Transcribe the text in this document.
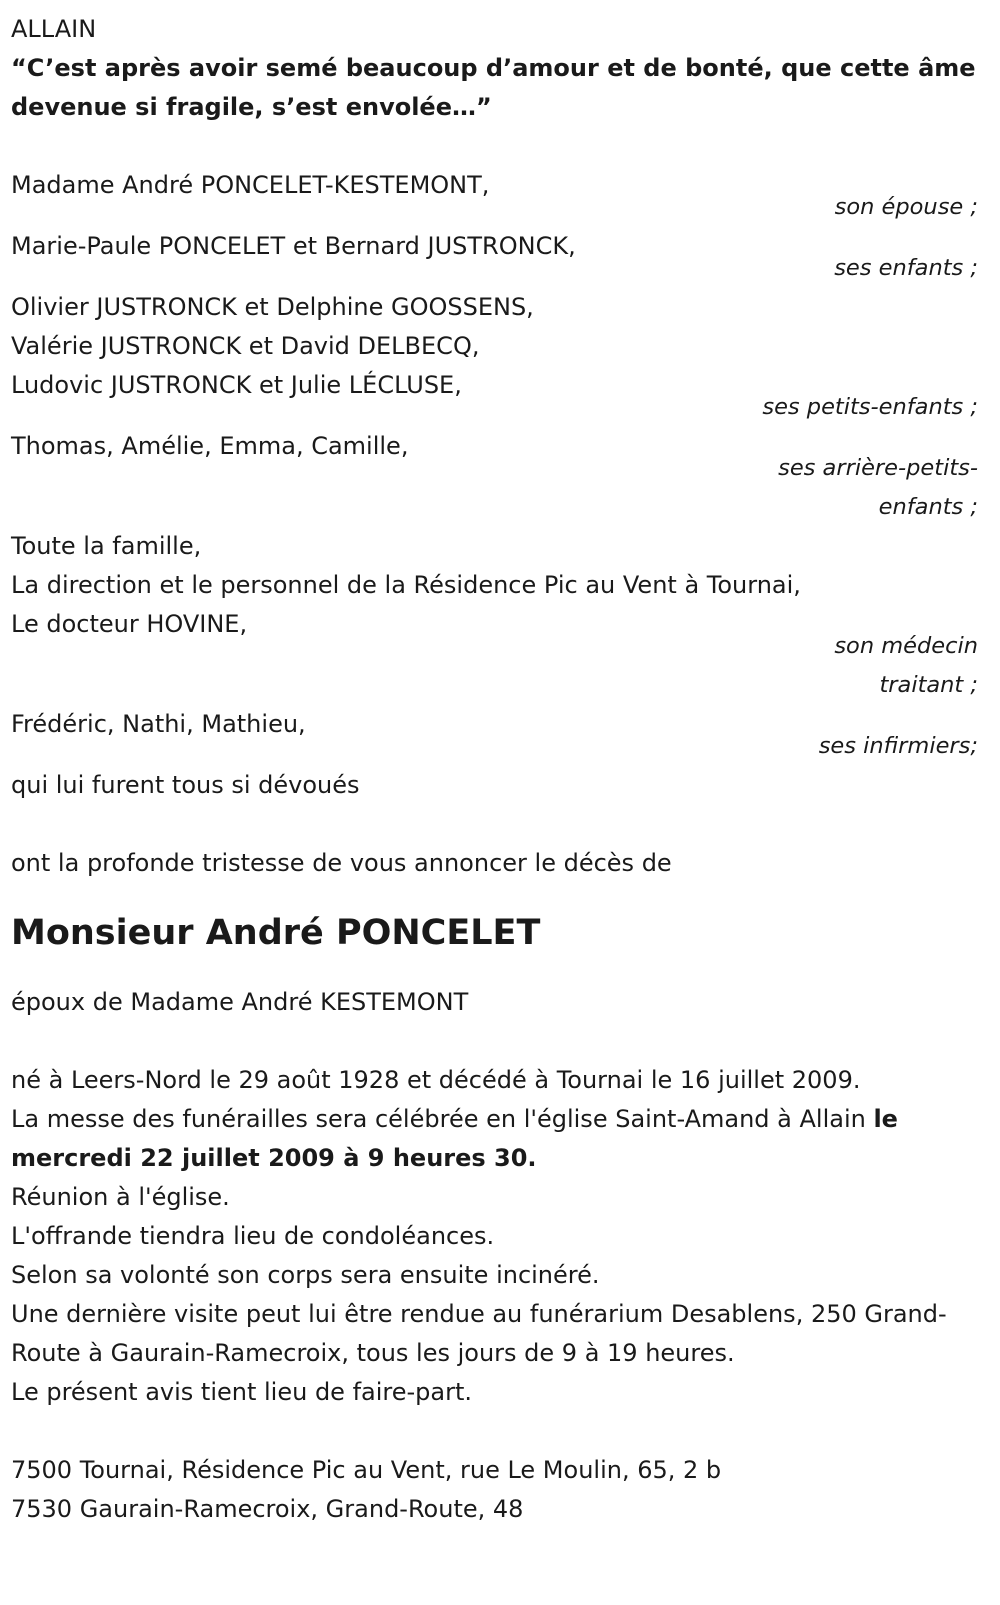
ALLAIN
“C’est après avoir semé beaucoup d’amour et de bonté, que cette âme devenue si fragile, s’est envolée…”
Madame André PONCELET-KESTEMONT,
son épouse ;
Marie-Paule PONCELET et Bernard JUSTRONCK,
ses enfants ;
Olivier JUSTRONCK et Delphine GOOSSENS,
Valérie JUSTRONCK et David DELBECQ,
Ludovic JUSTRONCK et Julie LÉCLUSE,
ses petits-enfants ;
Thomas, Amélie, Emma, Camille,
ses arrière-petits-enfants ;
Toute la famille,
La direction et le personnel de la Résidence Pic au Vent à Tournai,
Le docteur HOVINE,
son médecin traitant ;
Frédéric, Nathi, Mathieu,
ses infirmiers;
qui lui furent tous si dévoués
ont la profonde tristesse de vous annoncer le décès de
Monsieur André PONCELET
époux de Madame André KESTEMONT
né à Leers-Nord le 29 août 1928 et décédé à Tournai le 16 juillet 2009.
La messe des funérailles sera célébrée en l'église Saint-Amand à Allain le mercredi 22 juillet 2009 à 9 heures 30.
Réunion à l'église.
L'offrande tiendra lieu de condoléances.
Selon sa volonté son corps sera ensuite incinéré.
Une dernière visite peut lui être rendue au funérarium Desablens, 250 Grand-Route à Gaurain-Ramecroix, tous les jours de 9 à 19 heures.
Le présent avis tient lieu de faire-part.
7500 Tournai, Résidence Pic au Vent, rue Le Moulin, 65, 2 b
7530 Gaurain-Ramecroix, Grand-Route, 48
